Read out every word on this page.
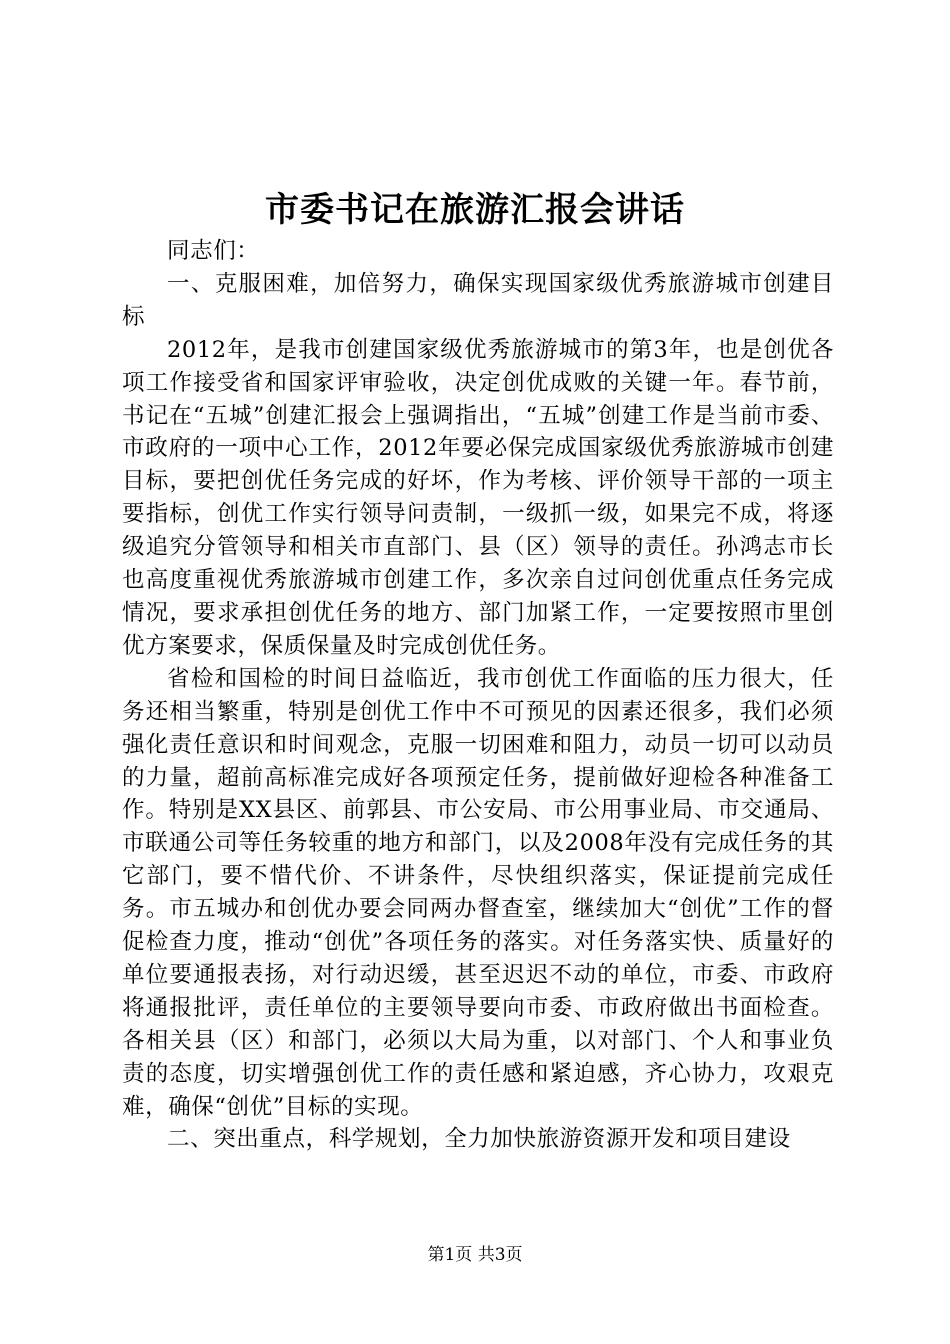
市委书记在旅游汇报会讲话

同志们：

一、克服困难，加倍努力，确保实现国家级优秀旅游城市创建目标

2012年，是我市创建国家级优秀旅游城市的第3年，也是创优各项工作接受省和国家评审验收，决定创优成败的关键一年。春节前，书记在“五城”创建汇报会上强调指出，“五城”创建工作是当前市委、市政府的一项中心工作，2012年要必保完成国家级优秀旅游城市创建目标，要把创优任务完成的好坏，作为考核、评价领导干部的一项主要指标，创优工作实行领导问责制，一级抓一级，如果完不成，将逐级追究分管领导和相关市直部门、县（区）领导的责任。孙鸿志市长也高度重视优秀旅游城市创建工作，多次亲自过问创优重点任务完成情况，要求承担创优任务的地方、部门加紧工作，一定要按照市里创优方案要求，保质保量及时完成创优任务。

省检和国检的时间日益临近，我市创优工作面临的压力很大，任务还相当繁重，特别是创优工作中不可预见的因素还很多，我们必须强化责任意识和时间观念，克服一切困难和阻力，动员一切可以动员的力量，超前高标准完成好各项预定任务，提前做好迎检各种准备工作。特别是XX县区、前郭县、市公安局、市公用事业局、市交通局、市联通公司等任务较重的地方和部门，以及2008年没有完成任务的其它部门，要不惜代价、不讲条件，尽快组织落实，保证提前完成任务。市五城办和创优办要会同两办督查室，继续加大“创优”工作的督促检查力度，推动“创优”各项任务的落实。对任务落实快、质量好的单位要通报表扬，对行动迟缓，甚至迟迟不动的单位，市委、市政府将通报批评，责任单位的主要领导要向市委、市政府做出书面检查。各相关县（区）和部门，必须以大局为重，以对部门、个人和事业负责的态度，切实增强创优工作的责任感和紧迫感，齐心协力，攻艰克难，确保“创优”目标的实现。

二、突出重点，科学规划，全力加快旅游资源开发和项目建设

第1页 共3页
